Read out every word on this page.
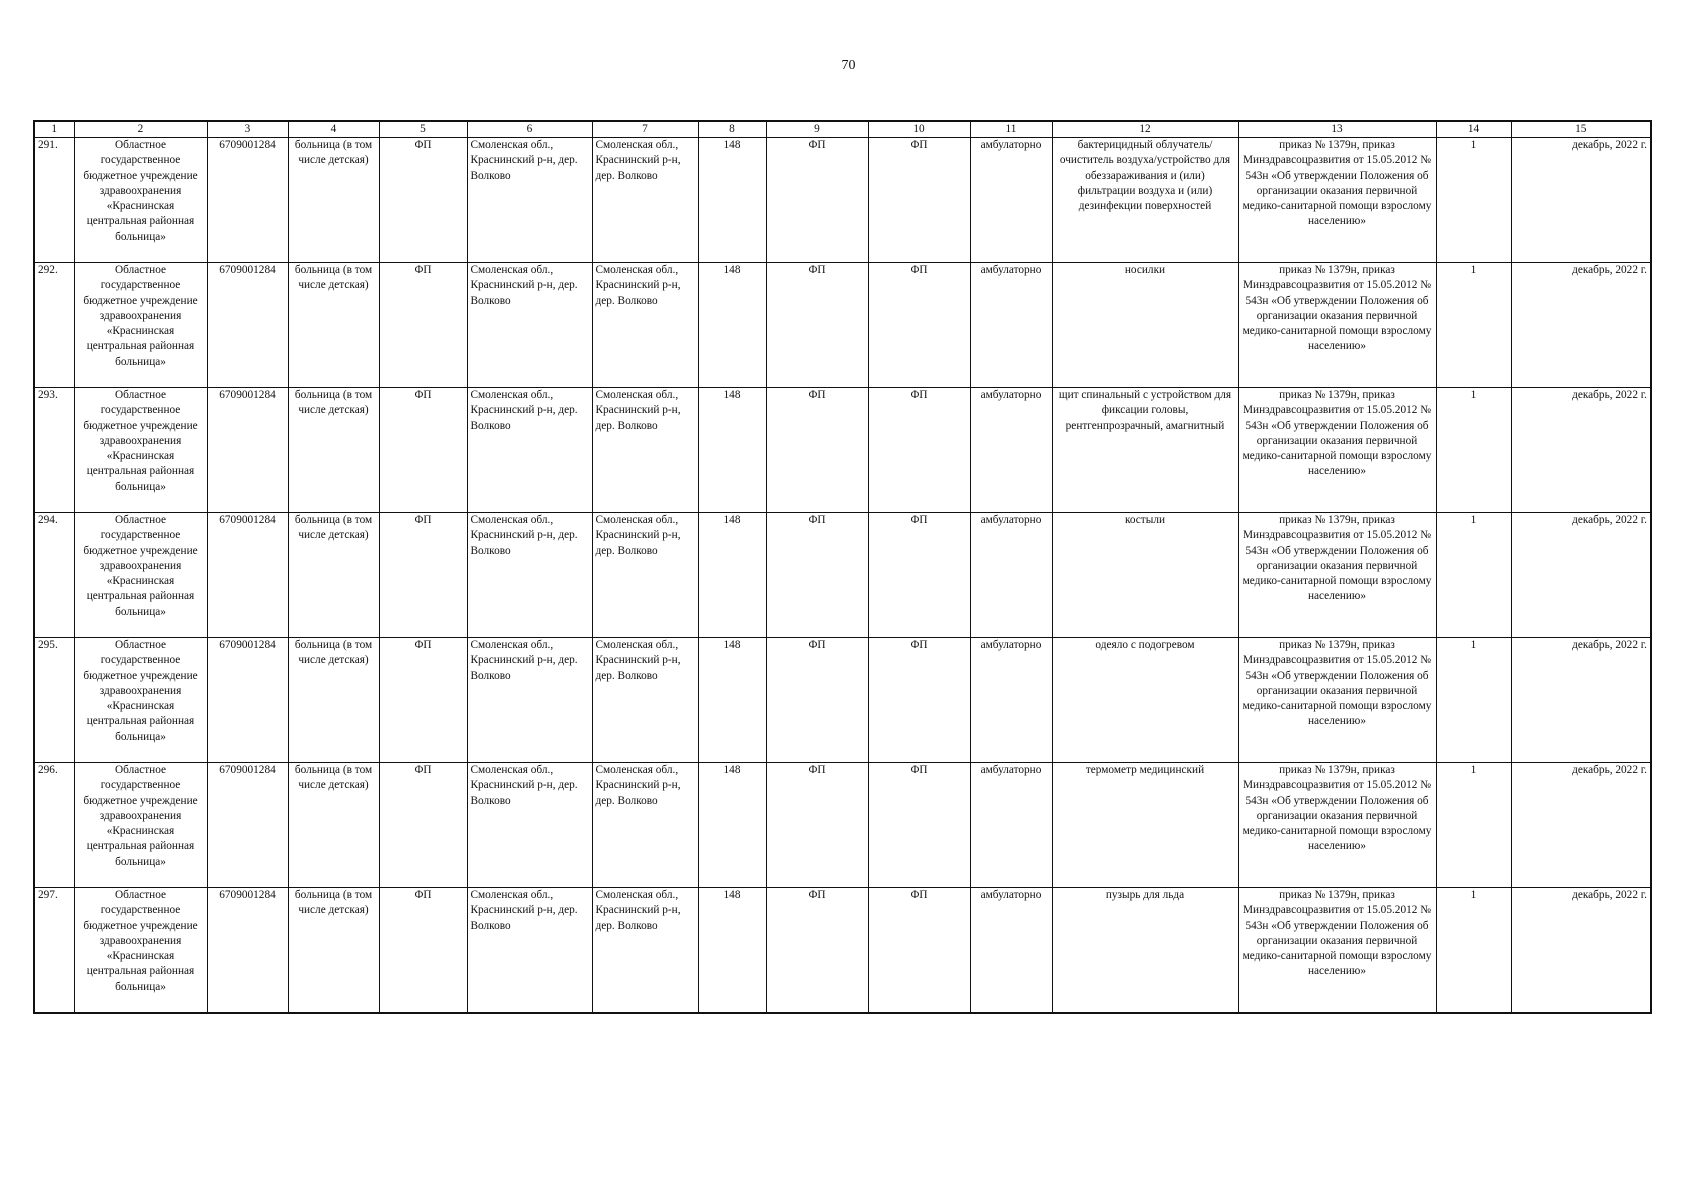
70
1	2	3	4	5	6	7	8	9	10	11	12	13	14	15
291.	Областное государственное бюджетное учреждение здравоохранения «Краснинская центральная районная больница»	6709001284	больница (в том числе детская)	ФП	Смоленская обл., Краснинский р-н, дер. Волково	Смоленская обл., Краснинский р-н, дер. Волково	148	ФП	ФП	амбулаторно	бактерицидный облучатель/очиститель воздуха/устройство для обеззараживания и (или) фильтрации воздуха и (или) дезинфекции поверхностей	приказ № 1379н, приказ Минздравсоцразвития от 15.05.2012 № 543н «Об утверждении Положения об организации оказания первичной медико-санитарной помощи взрослому населению»	1	декабрь, 2022 г.
292.	Областное государственное бюджетное учреждение здравоохранения «Краснинская центральная районная больница»	6709001284	больница (в том числе детская)	ФП	Смоленская обл., Краснинский р-н, дер. Волково	Смоленская обл., Краснинский р-н, дер. Волково	148	ФП	ФП	амбулаторно	носилки	приказ № 1379н, приказ Минздравсоцразвития от 15.05.2012 № 543н «Об утверждении Положения об организации оказания первичной медико-санитарной помощи взрослому населению»	1	декабрь, 2022 г.
293.	Областное государственное бюджетное учреждение здравоохранения «Краснинская центральная районная больница»	6709001284	больница (в том числе детская)	ФП	Смоленская обл., Краснинский р-н, дер. Волково	Смоленская обл., Краснинский р-н, дер. Волково	148	ФП	ФП	амбулаторно	щит спинальный с устройством для фиксации головы, рентгенпрозрачный, амагнитный	приказ № 1379н, приказ Минздравсоцразвития от 15.05.2012 № 543н «Об утверждении Положения об организации оказания первичной медико-санитарной помощи взрослому населению»	1	декабрь, 2022 г.
294.	Областное государственное бюджетное учреждение здравоохранения «Краснинская центральная районная больница»	6709001284	больница (в том числе детская)	ФП	Смоленская обл., Краснинский р-н, дер. Волково	Смоленская обл., Краснинский р-н, дер. Волково	148	ФП	ФП	амбулаторно	костыли	приказ № 1379н, приказ Минздравсоцразвития от 15.05.2012 № 543н «Об утверждении Положения об организации оказания первичной медико-санитарной помощи взрослому населению»	1	декабрь, 2022 г.
295.	Областное государственное бюджетное учреждение здравоохранения «Краснинская центральная районная больница»	6709001284	больница (в том числе детская)	ФП	Смоленская обл., Краснинский р-н, дер. Волково	Смоленская обл., Краснинский р-н, дер. Волково	148	ФП	ФП	амбулаторно	одеяло с подогревом	приказ № 1379н, приказ Минздравсоцразвития от 15.05.2012 № 543н «Об утверждении Положения об организации оказания первичной медико-санитарной помощи взрослому населению»	1	декабрь, 2022 г.
296.	Областное государственное бюджетное учреждение здравоохранения «Краснинская центральная районная больница»	6709001284	больница (в том числе детская)	ФП	Смоленская обл., Краснинский р-н, дер. Волково	Смоленская обл., Краснинский р-н, дер. Волково	148	ФП	ФП	амбулаторно	термометр медицинский	приказ № 1379н, приказ Минздравсоцразвития от 15.05.2012 № 543н «Об утверждении Положения об организации оказания первичной медико-санитарной помощи взрослому населению»	1	декабрь, 2022 г.
297.	Областное государственное бюджетное учреждение здравоохранения «Краснинская центральная районная больница»	6709001284	больница (в том числе детская)	ФП	Смоленская обл., Краснинский р-н, дер. Волково	Смоленская обл., Краснинский р-н, дер. Волково	148	ФП	ФП	амбулаторно	пузырь для льда	приказ № 1379н, приказ Минздравсоцразвития от 15.05.2012 № 543н «Об утверждении Положения об организации оказания первичной медико-санитарной помощи взрослому населению»	1	декабрь, 2022 г.
